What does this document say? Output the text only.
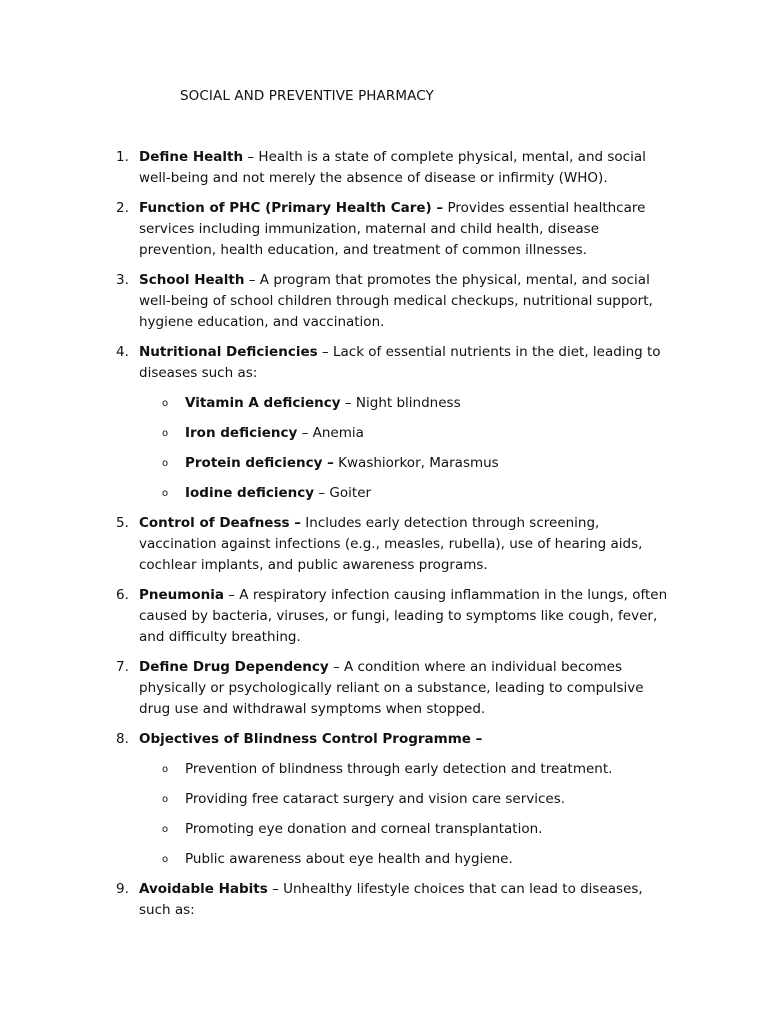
SOCIAL AND PREVENTIVE PHARMACY
1. Define Health – Health is a state of complete physical, mental, and social well-being and not merely the absence of disease or infirmity (WHO).
2. Function of PHC (Primary Health Care) – Provides essential healthcare services including immunization, maternal and child health, disease prevention, health education, and treatment of common illnesses.
3. School Health – A program that promotes the physical, mental, and social well-being of school children through medical checkups, nutritional support, hygiene education, and vaccination.
4. Nutritional Deficiencies – Lack of essential nutrients in the diet, leading to diseases such as:
o Vitamin A deficiency – Night blindness
o Iron deficiency – Anemia
o Protein deficiency – Kwashiorkor, Marasmus
o Iodine deficiency – Goiter
5. Control of Deafness – Includes early detection through screening, vaccination against infections (e.g., measles, rubella), use of hearing aids, cochlear implants, and public awareness programs.
6. Pneumonia – A respiratory infection causing inflammation in the lungs, often caused by bacteria, viruses, or fungi, leading to symptoms like cough, fever, and difficulty breathing.
7. Define Drug Dependency – A condition where an individual becomes physically or psychologically reliant on a substance, leading to compulsive drug use and withdrawal symptoms when stopped.
8. Objectives of Blindness Control Programme –
o Prevention of blindness through early detection and treatment.
o Providing free cataract surgery and vision care services.
o Promoting eye donation and corneal transplantation.
o Public awareness about eye health and hygiene.
9. Avoidable Habits – Unhealthy lifestyle choices that can lead to diseases, such as:
